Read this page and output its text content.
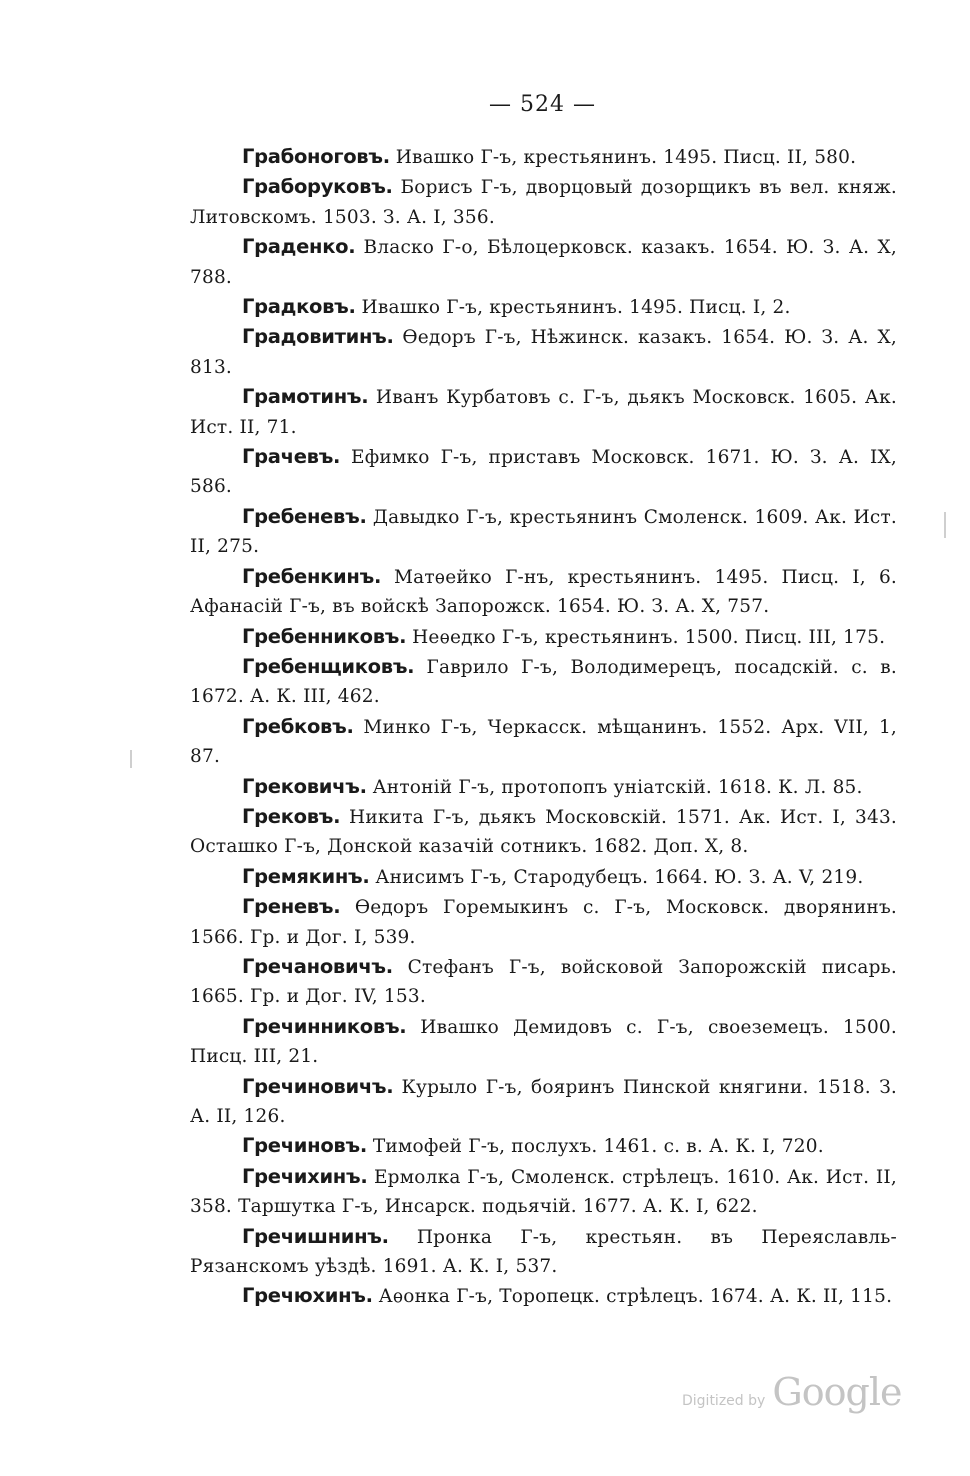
— 524 —

Грабоноговъ. Ивашко Г-ъ, крестьянинъ. 1495. Писц. II, 580.

Граборуковъ. Борисъ Г-ъ, дворцовый дозорщикъ въ вел. княж. Литовскомъ. 1503. З. А. I, 356.

Граденко. Власко Г-о, Бѣлоцерковск. казакъ. 1654. Ю. З. А. X, 788.

Градковъ. Ивашко Г-ъ, крестьянинъ. 1495. Писц. I, 2.

Градовитинъ. Ѳедоръ Г-ъ, Нѣжинск. казакъ. 1654. Ю. З. А. X, 813.

Грамотинъ. Иванъ Курбатовъ с. Г-ъ, дьякъ Московск. 1605. Ак. Ист. II, 71.

Грачевъ. Ефимко Г-ъ, приставъ Московск. 1671. Ю. З. А. IX, 586.

Гребеневъ. Давыдко Г-ъ, крестьянинъ Смоленск. 1609. Ак. Ист. II, 275.

Гребенкинъ. Матѳейко Г-нъ, крестьянинъ. 1495. Писц. I, 6. Афанасій Г-ъ, въ войскѣ Запорожск. 1654. Ю. З. А. X, 757.

Гребенниковъ. Неѳедко Г-ъ, крестьянинъ. 1500. Писц. III, 175.

Гребенщиковъ. Гаврило Г-ъ, Володимерецъ, посадскій. с. в. 1672. А. К. III, 462.

Гребковъ. Минко Г-ъ, Черкасск. мѣщанинъ. 1552. Арх. VII, 1, 87.

Грековичъ. Антоній Г-ъ, протопопъ уніатскій. 1618. К. Л. 85.

Грековъ. Никита Г-ъ, дьякъ Московскій. 1571. Ак. Ист. I, 343. Осташко Г-ъ, Донской казачій сотникъ. 1682. Доп. X, 8.

Гремякинъ. Анисимъ Г-ъ, Стародубецъ. 1664. Ю. З. А. V, 219.

Греневъ. Ѳедоръ Горемыкинъ с. Г-ъ, Московск. дворянинъ. 1566. Гр. и Дог. I, 539.

Гречановичъ. Стефанъ Г-ъ, войсковой Запорожскій писарь. 1665. Гр. и Дог. IV, 153.

Гречинниковъ. Ивашко Демидовъ с. Г-ъ, своеземецъ. 1500. Писц. III, 21.

Гречиновичъ. Курыло Г-ъ, бояринъ Пинской княгини. 1518. З. А. II, 126.

Гречиновъ. Тимофей Г-ъ, послухъ. 1461. с. в. А. К. I, 720.

Гречихинъ. Ермолка Г-ъ, Смоленск. стрѣлецъ. 1610. Ак. Ист. II, 358. Таршутка Г-ъ, Инсарск. подьячій. 1677. А. К. I, 622.

Гречишнинъ. Пронка Г-ъ, крестьян. въ Переяславль-Рязанскомъ уѣздѣ. 1691. А. К. I, 537.

Гречюхинъ. Аѳонка Г-ъ, Торопецк. стрѣлецъ. 1674. А. К. II, 115.

Digitized by Google
